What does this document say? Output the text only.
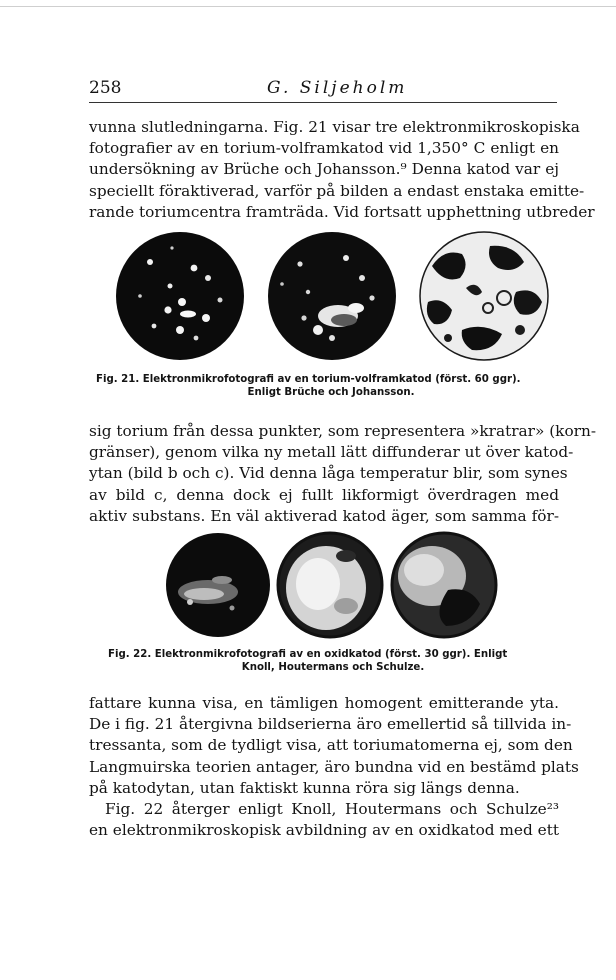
258	G. Siljeholm
vunna slutledningarna. Fig. 21 visar tre elektronmikroskopiska
fotografier av en torium-volframkatod vid 1,350° C enligt en
undersökning av Brüche och Johansson.⁹ Denna katod var ej
speciellt föraktiverad, varför på bilden a endast enstaka emitte-
rande toriumcentra framträda. Vid fortsatt upphettning utbreder
Fig. 21. Elektronmikrofotografi av en torium-volframkatod (först. 60 ggr).
Enligt Brüche och Johansson.
sig torium från dessa punkter, som representera »kratrar» (korn-
gränser), genom vilka ny metall lätt diffunderar ut över katod-
ytan (bild b och c). Vid denna låga temperatur blir, som synes
av bild c, denna dock ej fullt likformigt överdragen med
aktiv substans. En väl aktiverad katod äger, som samma för-
Fig. 22. Elektronmikrofotografi av en oxidkatod (först. 30 ggr). Enligt
Knoll, Houtermans och Schulze.
fattare kunna visa, en tämligen homogent emitterande yta.
De i fig. 21 återgivna bildserierna äro emellertid så tillvida in-
tressanta, som de tydligt visa, att toriumatomerna ej, som den
Langmuirska teorien antager, äro bundna vid en bestämd plats
på katodytan, utan faktiskt kunna röra sig längs denna.
Fig. 22 återger enligt Knoll, Houtermans och Schulze²³
en elektronmikroskopisk avbildning av en oxidkatod med ett
